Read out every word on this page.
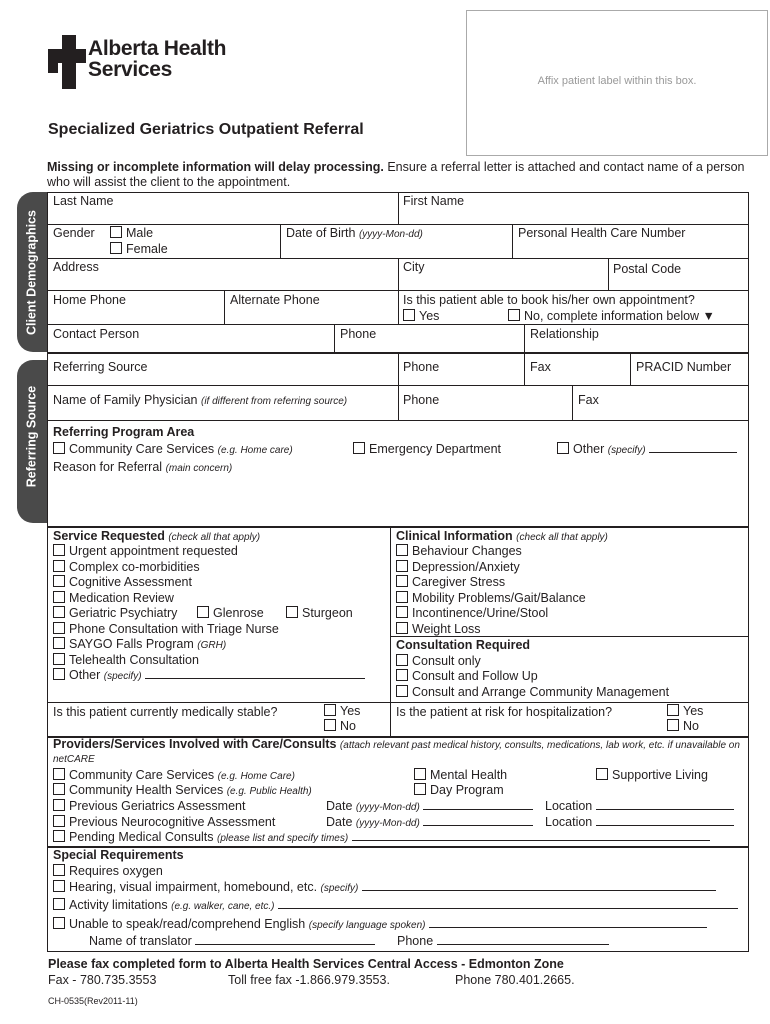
Alberta Health
Services	Affix patient label within this box.
Specialized Geriatrics Outpatient Referral
Missing or incomplete information will delay processing. Ensure a referral letter is attached and contact name of a person who will assist the client to the appointment.
Client Demographics
Referring Source
Last Name	First Name
Gender	Male
Female
Date of Birth (yyyy-Mon-dd)	Personal Health Care Number
Address	City	Postal Code
Home Phone	Alternate Phone	Is this patient able to book his/her own appointment?
Yes	No, complete information below ▼
Contact Person	Phone	Relationship
Referring Source	Phone	Fax	PRACID Number
Name of Family Physician (if different from referring source)	Phone	Fax
Referring Program Area
Community Care Services (e.g. Home care)	Emergency Department	Other (specify)
Reason for Referral (main concern)
Service Requested (check all that apply)
Urgent appointment requested
Complex co-morbidities
Cognitive Assessment
Medication Review
Geriatric Psychiatry	Glenrose	Sturgeon
Phone Consultation with Triage Nurse
SAYGO Falls Program (GRH)
Telehealth Consultation
Other (specify)
Clinical Information (check all that apply)
Behaviour Changes
Depression/Anxiety
Caregiver Stress
Mobility Problems/Gait/Balance
Incontinence/Urine/Stool
Weight Loss
Consultation Required
Consult only
Consult and Follow Up
Consult and Arrange Community Management
Is this patient currently medically stable?	Yes
No
Is the patient at risk for hospitalization?	Yes
No
Providers/Services Involved with Care/Consults (attach relevant past medical history, consults, medications, lab work, etc. if unavailable on netCARE
Community Care Services (e.g. Home Care)	Mental Health	Supportive Living
Community Health Services (e.g. Public Health)	Day Program
Previous Geriatrics Assessment	Date (yyyy-Mon-dd)	Location
Previous Neurocognitive Assessment	Date (yyyy-Mon-dd)	Location
Pending Medical Consults (please list and specify times)
Special Requirements
Requires oxygen
Hearing, visual impairment, homebound, etc. (specify)
Activity limitations (e.g. walker, cane, etc.)
Unable to speak/read/comprehend English (specify language spoken)
Name of translator	Phone
Please fax completed form to Alberta Health Services Central Access - Edmonton Zone
Fax - 780.735.3553	Toll free fax -1.866.979.3553.	Phone 780.401.2665.
CH-0535(Rev2011-11)
